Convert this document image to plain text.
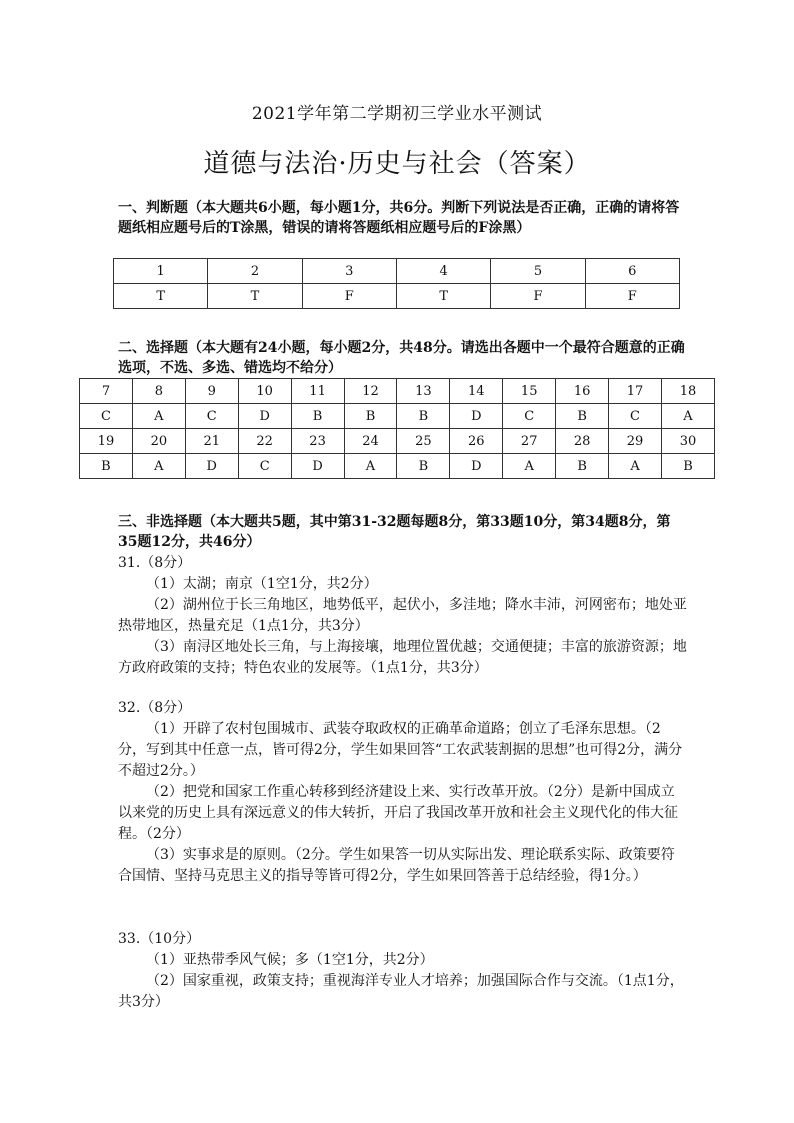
2021学年第二学期初三学业水平测试
道德与法治·历史与社会（答案）
一、判断题（本大题共6小题，每小题1分，共6分。判断下列说法是否正确，正确的请将答题纸相应题号后的T涂黑，错误的请将答题纸相应题号后的F涂黑）
1	2	3	4	5	6
T	T	F	T	F	F
二、选择题（本大题有24小题，每小题2分，共48分。请选出各题中一个最符合题意的正确选项，不选、多选、错选均不给分）
7	8	9	10	11	12	13	14	15	16	17	18
C	A	C	D	B	B	B	D	C	B	C	A
19	20	21	22	23	24	25	26	27	28	29	30
B	A	D	C	D	A	B	D	A	B	A	B
三、非选择题（本大题共5题，其中第31-32题每题8分，第33题10分，第34题8分，第35题12分，共46分）

31.（8分）

（1）太湖；南京（1空1分，共2分）

（2）湖州位于长三角地区，地势低平，起伏小，多洼地；降水丰沛，河网密布；地处亚热带地区，热量充足（1点1分，共3分）

（3）南浔区地处长三角，与上海接壤，地理位置优越；交通便捷；丰富的旅游资源；地方政府政策的支持；特色农业的发展等。（1点1分，共3分）

32.（8分）

（1）开辟了农村包围城市、武装夺取政权的正确革命道路；创立了毛泽东思想。（2分，写到其中任意一点，皆可得2分，学生如果回答“工农武装割据的思想”也可得2分，满分不超过2分。）

（2）把党和国家工作重心转移到经济建设上来、实行改革开放。（2分）是新中国成立以来党的历史上具有深远意义的伟大转折，开启了我国改革开放和社会主义现代化的伟大征程。（2分）

（3）实事求是的原则。（2分。学生如果答一切从实际出发、理论联系实际、政策要符合国情、坚持马克思主义的指导等皆可得2分，学生如果回答善于总结经验，得1分。）

33.（10分）

（1）亚热带季风气候；多（1空1分，共2分）

（2）国家重视，政策支持；重视海洋专业人才培养；加强国际合作与交流。（1点1分，共3分）
